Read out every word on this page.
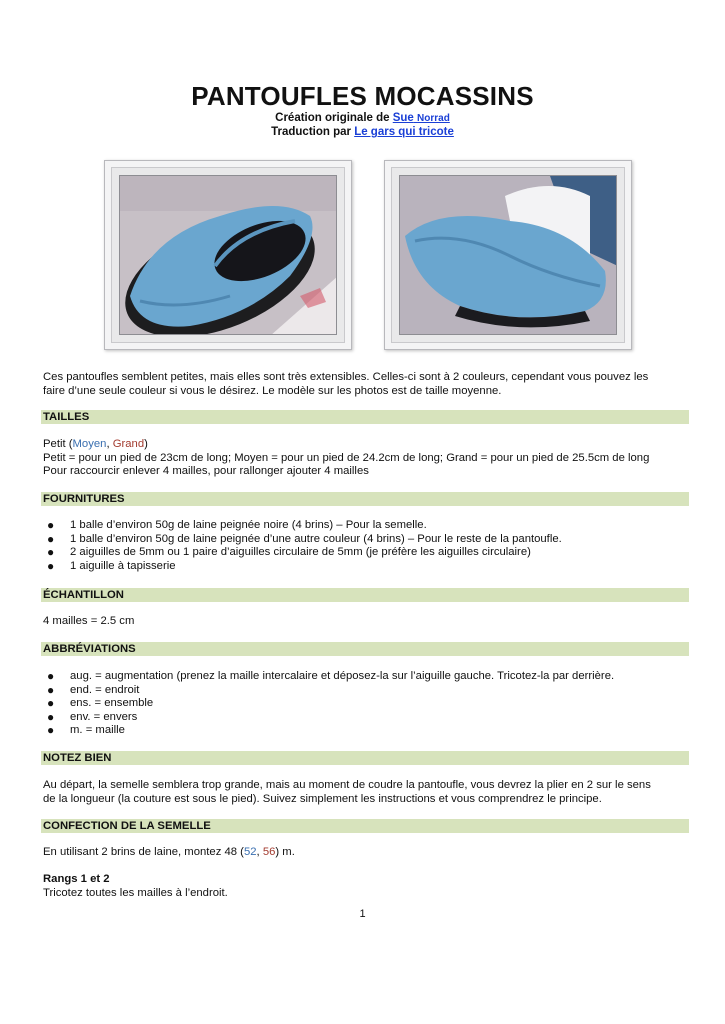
PANTOUFLES MOCASSINS
Création originale de Sue Norrad
Traduction par Le gars qui tricote
Ces pantoufles semblent petites, mais elles sont très extensibles. Celles-ci sont à 2 couleurs, cependant vous pouvez les
faire d’une seule couleur si vous le désirez. Le modèle sur les photos est de taille moyenne.
TAILLES
Petit (Moyen, Grand)
Petit = pour un pied de 23cm de long; Moyen = pour un pied de 24.2cm de long; Grand = pour un pied de 25.5cm de long
Pour raccourcir enlever 4 mailles, pour rallonger ajouter 4 mailles
FOURNITURES
● 1 balle d’environ 50g de laine peignée noire (4 brins) – Pour la semelle.
● 1 balle d’environ 50g de laine peignée d’une autre couleur (4 brins) – Pour le reste de la pantoufle.
● 2 aiguilles de 5mm ou 1 paire d’aiguilles circulaire de 5mm (je préfère les aiguilles circulaire)
● 1 aiguille à tapisserie
ÉCHANTILLON
4 mailles = 2.5 cm
ABBRÉVIATIONS
● aug. = augmentation (prenez la maille intercalaire et déposez-la sur l’aiguille gauche. Tricotez-la par derrière.
● end. = endroit
● ens. = ensemble
● env. = envers
● m. = maille
NOTEZ BIEN
Au départ, la semelle semblera trop grande, mais au moment de coudre la pantoufle, vous devrez la plier en 2 sur le sens
de la longueur (la couture est sous le pied). Suivez simplement les instructions et vous comprendrez le principe.
CONFECTION DE LA SEMELLE
En utilisant 2 brins de laine, montez 48 (52, 56) m.
Rangs 1 et 2
Tricotez toutes les mailles à l’endroit.
1
